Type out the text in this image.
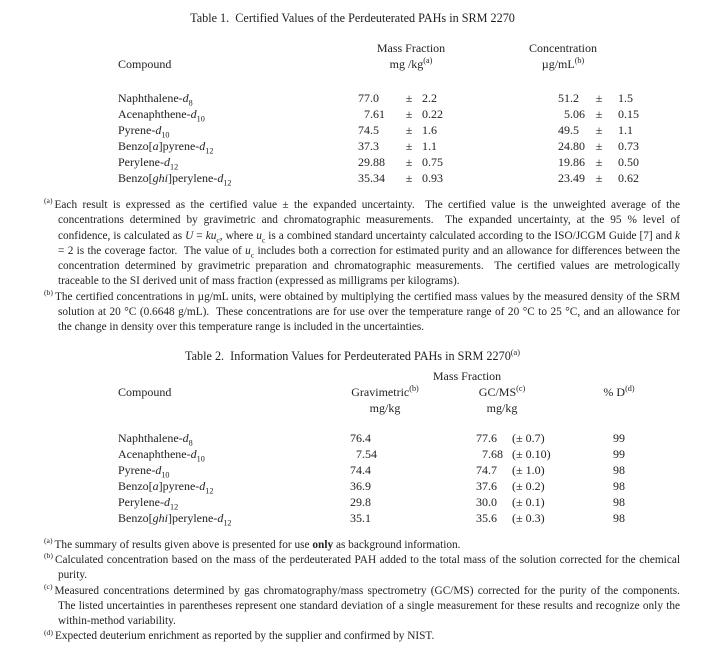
Table 1.  Certified Values of the Perdeuterated PAHs in SRM 2270
	Mass Fraction			Concentration			
Compound	mg $/kg^{(a)}$			$\mu g/mL^{(b)}$

Naphthalene-$d_8$	77.0	±	2.2		51.2	±	1.5
Acenaphthene-$d_{10}$	7.61	±	0.22		5.06	±	0.15
Pyrene-$d_{10}$	74.5	±	1.6		49.5	±	1.1
$Benzo[a]pyrene-d_{12}$	37.3	±	1.1		24.80	±	0.73
Perylene-$d_{12}$	29.88	±	0.75		19.86	±	0.50
$Benzo[ghi]perylene-d_{12}$	35.34	±	0.93		23.49	±	0.62
$^{(a)}$ Each result is expressed as the certified value ± the expanded uncertainty.  The certified value is the unweighted average of the concentrations determined by gravimetric and chromatographic measurements.  The expanded uncertainty, at the 95 % level of confidence, is calculated as $U = ku_c$, where $u_c$ is a combined standard uncertainty calculated according to the ISO/JCGM Guide [7] and k = 2 is the coverage factor.  The value of $u_c$ includes both a correction for estimated purity and an allowance for differences between the concentration determined by gravimetric preparation and chromatographic measurements.  The certified values are metrologically traceable to the SI derived unit of mass fraction (expressed as milligrams per kilograms).
$^{(b)}$ The certified concentrations in µg/mL units, were obtained by multiplying the certified mass values by the measured density of the SRM solution at 20 °C (0.6648 g/mL).  These concentrations are for use over the temperature range of 20 °C to 25 °C, and an allowance for the change in density over this temperature range is included in the uncertainties.
Table 2.  Information Values for Perdeuterated PAHs in SRM 2270$^{(a)}$
	Mass Fraction			
Compound	Gravimetric$^{(b)}$	GC/MS$^{(c)}$		% $D^{(d)}$
	mg/kg	mg/kg		

Naphthalene-$d_8$	76.4	77.6	(± 0.7)	99
Acenaphthene-$d_{10}$	7.54	7.68	(± 0.10)	99
Pyrene-$d_{10}$	74.4	74.7	(± 1.0)	98
$Benzo[a]pyrene-d_{12}$	36.9	37.6	(± 0.2)	98
Perylene-$d_{12}$	29.8	30.0	(± 0.1)	98
$Benzo[ghi]perylene-d_{12}$	35.1	35.6	(± 0.3)	98
$^{(a)}$ The summary of results given above is presented for use only as background information.
$^{(b)}$ Calculated concentration based on the mass of the perdeuterated PAH added to the total mass of the solution corrected for the chemical purity.
$^{(c)}$ Measured concentrations determined by gas chromatography/mass spectrometry (GC/MS) corrected for the purity of the components.  The listed uncertainties in parentheses represent one standard deviation of a single measurement for these results and recognize only the within-method variability.
$^{(d)}$ Expected deuterium enrichment as reported by the supplier and confirmed by NIST.
